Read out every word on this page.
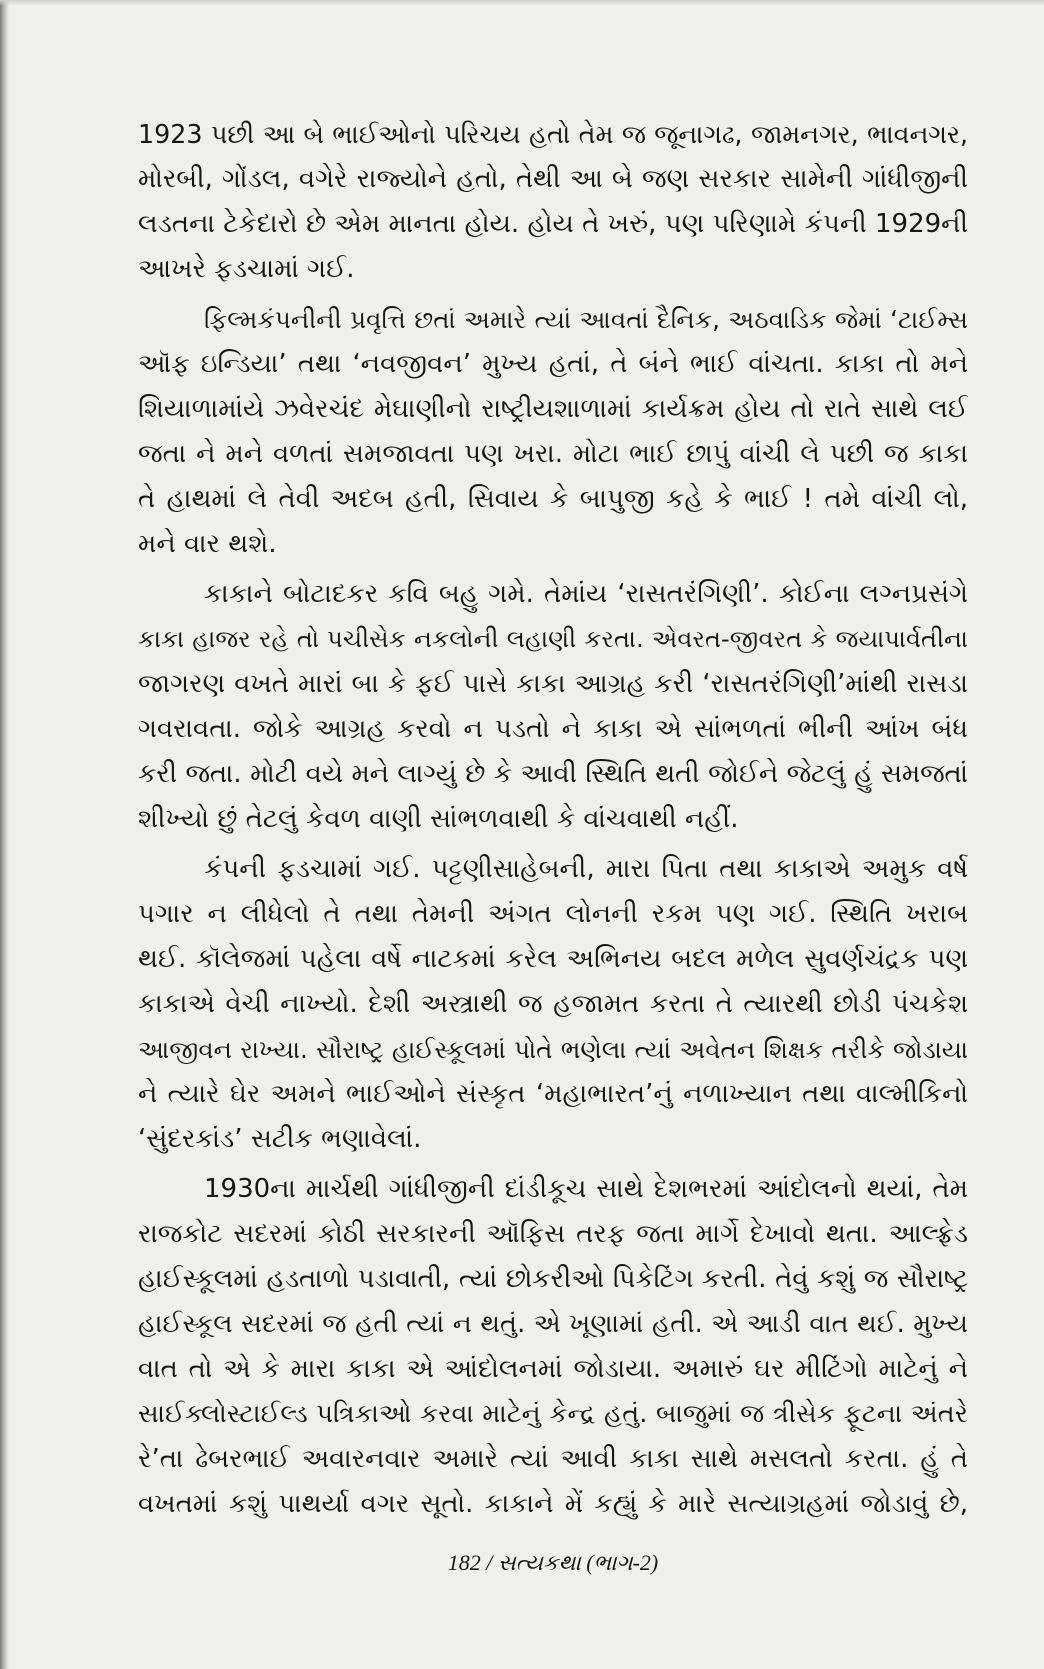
1923 પછી આ બે ભાઈઓનો પરિચય હતો તેમ જ જૂનાગઢ, જામનગર, ભાવનગર,
મોરબી, ગોંડલ, વગેરે રાજ્યોને હતો, તેથી આ બે જણ સરકાર સામેની ગાંધીજીની
લડતના ટેકેદારો છે એમ માનતા હોય. હોય તે ખરું, પણ પરિણામે કંપની 1929ની
આખરે ફડચામાં ગઈ.
ફિલ્મકંપનીની પ્રવૃત્તિ છતાં અમારે ત્યાં આવતાં દૈનિક, અઠવાડિક જેમાં ‘ટાઈમ્સ
ઑફ ઇન્ડિયા’ તથા ‘નવજીવન’ મુખ્ય હતાં, તે બંને ભાઈ વાંચતા. કાકા તો મને
શિયાળામાંયે ઝવેરચંદ મેઘાણીનો રાષ્ટ્રીયશાળામાં કાર્યક્રમ હોય તો રાતે સાથે લઈ
જતા ને મને વળતાં સમજાવતા પણ ખરા. મોટા ભાઈ છાપું વાંચી લે પછી જ કાકા
તે હાથમાં લે તેવી અદબ હતી, સિવાય કે બાપુજી કહે કે ભાઈ ! તમે વાંચી લો,
મને વાર થશે.
કાકાને બોટાદકર કવિ બહુ ગમે. તેમાંય ‘રાસતરંગિણી’. કોઈના લગ્નપ્રસંગે
કાકા હાજર રહે તો પચીસેક નકલોની લહાણી કરતા. એવરત-જીવરત કે જયાપાર્વતીના
જાગરણ વખતે મારાં બા કે ફઈ પાસે કાકા આગ્રહ કરી ‘રાસતરંગિણી’માંથી રાસડા
ગવરાવતા. જોકે આગ્રહ કરવો ન પડતો ને કાકા એ સાંભળતાં ભીની આંખ બંધ
કરી જતા. મોટી વયે મને લાગ્યું છે કે આવી સ્થિતિ થતી જોઈને જેટલું હું સમજતાં
શીખ્યો છું તેટલું કેવળ વાણી સાંભળવાથી કે વાંચવાથી નહીં.
કંપની ફડચામાં ગઈ. પટ્ટણીસાહેબની, મારા પિતા તથા કાકાએ અમુક વર્ષ
પગાર ન લીધેલો તે તથા તેમની અંગત લોનની રકમ પણ ગઈ. સ્થિતિ ખરાબ
થઈ. કૉલેજમાં પહેલા વર્ષે નાટકમાં કરેલ અભિનય બદલ મળેલ સુવર્ણચંદ્રક પણ
કાકાએ વેચી નાખ્યો. દેશી અસ્ત્રાથી જ હજામત કરતા તે ત્યારથી છોડી પંચકેશ
આજીવન રાખ્યા. સૌરાષ્ટ્ર હાઈસ્કૂલમાં પોતે ભણેલા ત્યાં અવેતન શિક્ષક તરીકે જોડાયા
ને ત્યારે ઘેર અમને ભાઈઓને સંસ્કૃત ‘મહાભારત’નું નળાખ્યાન તથા વાલ્મીકિનો
‘સુંદરકાંડ’ સટીક ભણાવેલાં.
1930ના માર્ચથી ગાંધીજીની દાંડીકૂચ સાથે દેશભરમાં આંદોલનો થયાં, તેમ
રાજકોટ સદરમાં કોઠી સરકારની ઑફિસ તરફ જતા માર્ગે દેખાવો થતા. આલ્ફ્રેડ
હાઈસ્કૂલમાં હડતાળો પડાવાતી, ત્યાં છોકરીઓ પિકેટિંગ કરતી. તેવું કશું જ સૌરાષ્ટ્ર
હાઈસ્કૂલ સદરમાં જ હતી ત્યાં ન થતું. એ ખૂણામાં હતી. એ આડી વાત થઈ. મુખ્ય
વાત તો એ કે મારા કાકા એ આંદોલનમાં જોડાયા. અમારું ઘર મીટિંગો માટેનું ને
સાઈક્લોસ્ટાઈલ્ડ પત્રિકાઓ કરવા માટેનું કેન્દ્ર હતું. બાજુમાં જ ત્રીસેક ફૂટના અંતરે
રે’તા ઢેબરભાઈ અવારનવાર અમારે ત્યાં આવી કાકા સાથે મસલતો કરતા. હું તે
વખતમાં કશું પાથર્યા વગર સૂતો. કાકાને મેં કહ્યું કે મારે સત્યાગ્રહમાં જોડાવું છે,
182 / સત્યકથા (ભાગ-2)
